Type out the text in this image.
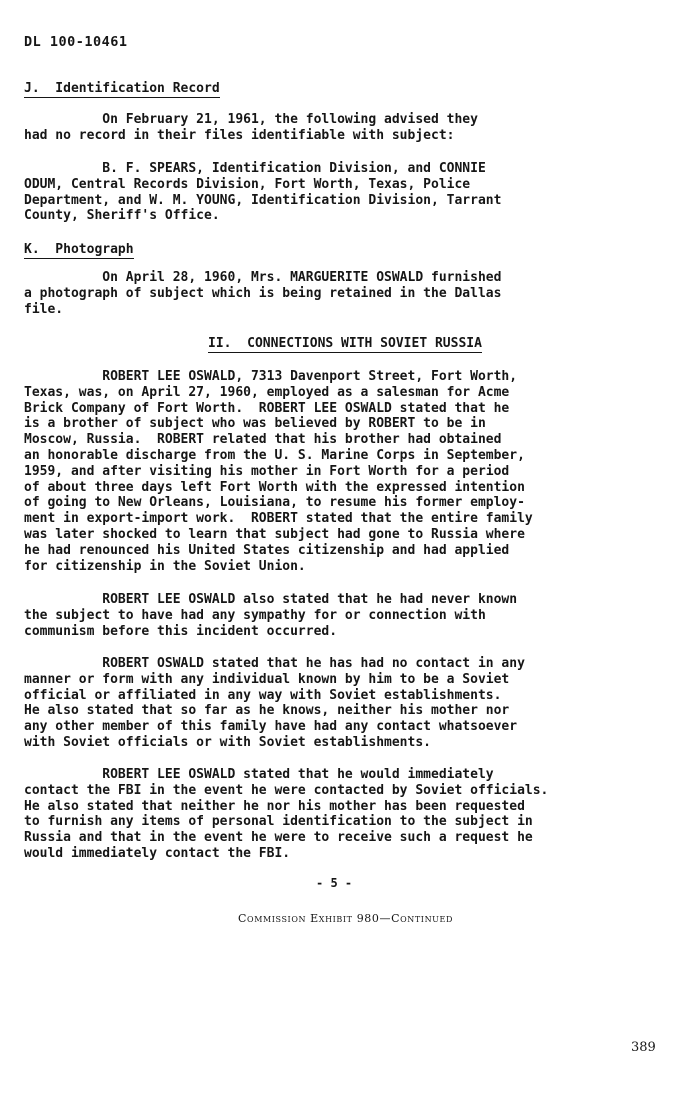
DL 100-10461
J.  Identification Record
On February 21, 1961, the following advised they
had no record in their files identifiable with subject:
B. F. SPEARS, Identification Division, and CONNIE
ODUM, Central Records Division, Fort Worth, Texas, Police
Department, and W. M. YOUNG, Identification Division, Tarrant
County, Sheriff's Office.
K.  Photograph
On April 28, 1960, Mrs. MARGUERITE OSWALD furnished
a photograph of subject which is being retained in the Dallas
file.
II.  CONNECTIONS WITH SOVIET RUSSIA
ROBERT LEE OSWALD, 7313 Davenport Street, Fort Worth,
Texas, was, on April 27, 1960, employed as a salesman for Acme
Brick Company of Fort Worth.  ROBERT LEE OSWALD stated that he
is a brother of subject who was believed by ROBERT to be in
Moscow, Russia.  ROBERT related that his brother had obtained
an honorable discharge from the U. S. Marine Corps in September,
1959, and after visiting his mother in Fort Worth for a period
of about three days left Fort Worth with the expressed intention
of going to New Orleans, Louisiana, to resume his former employ-
ment in export-import work.  ROBERT stated that the entire family
was later shocked to learn that subject had gone to Russia where
he had renounced his United States citizenship and had applied
for citizenship in the Soviet Union.
ROBERT LEE OSWALD also stated that he had never known
the subject to have had any sympathy for or connection with
communism before this incident occurred.
ROBERT OSWALD stated that he has had no contact in any
manner or form with any individual known by him to be a Soviet
official or affiliated in any way with Soviet establishments.
He also stated that so far as he knows, neither his mother nor
any other member of this family have had any contact whatsoever
with Soviet officials or with Soviet establishments.
ROBERT LEE OSWALD stated that he would immediately
contact the FBI in the event he were contacted by Soviet officials.
He also stated that neither he nor his mother has been requested
to furnish any items of personal identification to the subject in
Russia and that in the event he were to receive such a request he
would immediately contact the FBI.
- 5 -
Commission Exhibit 980—Continued
389
